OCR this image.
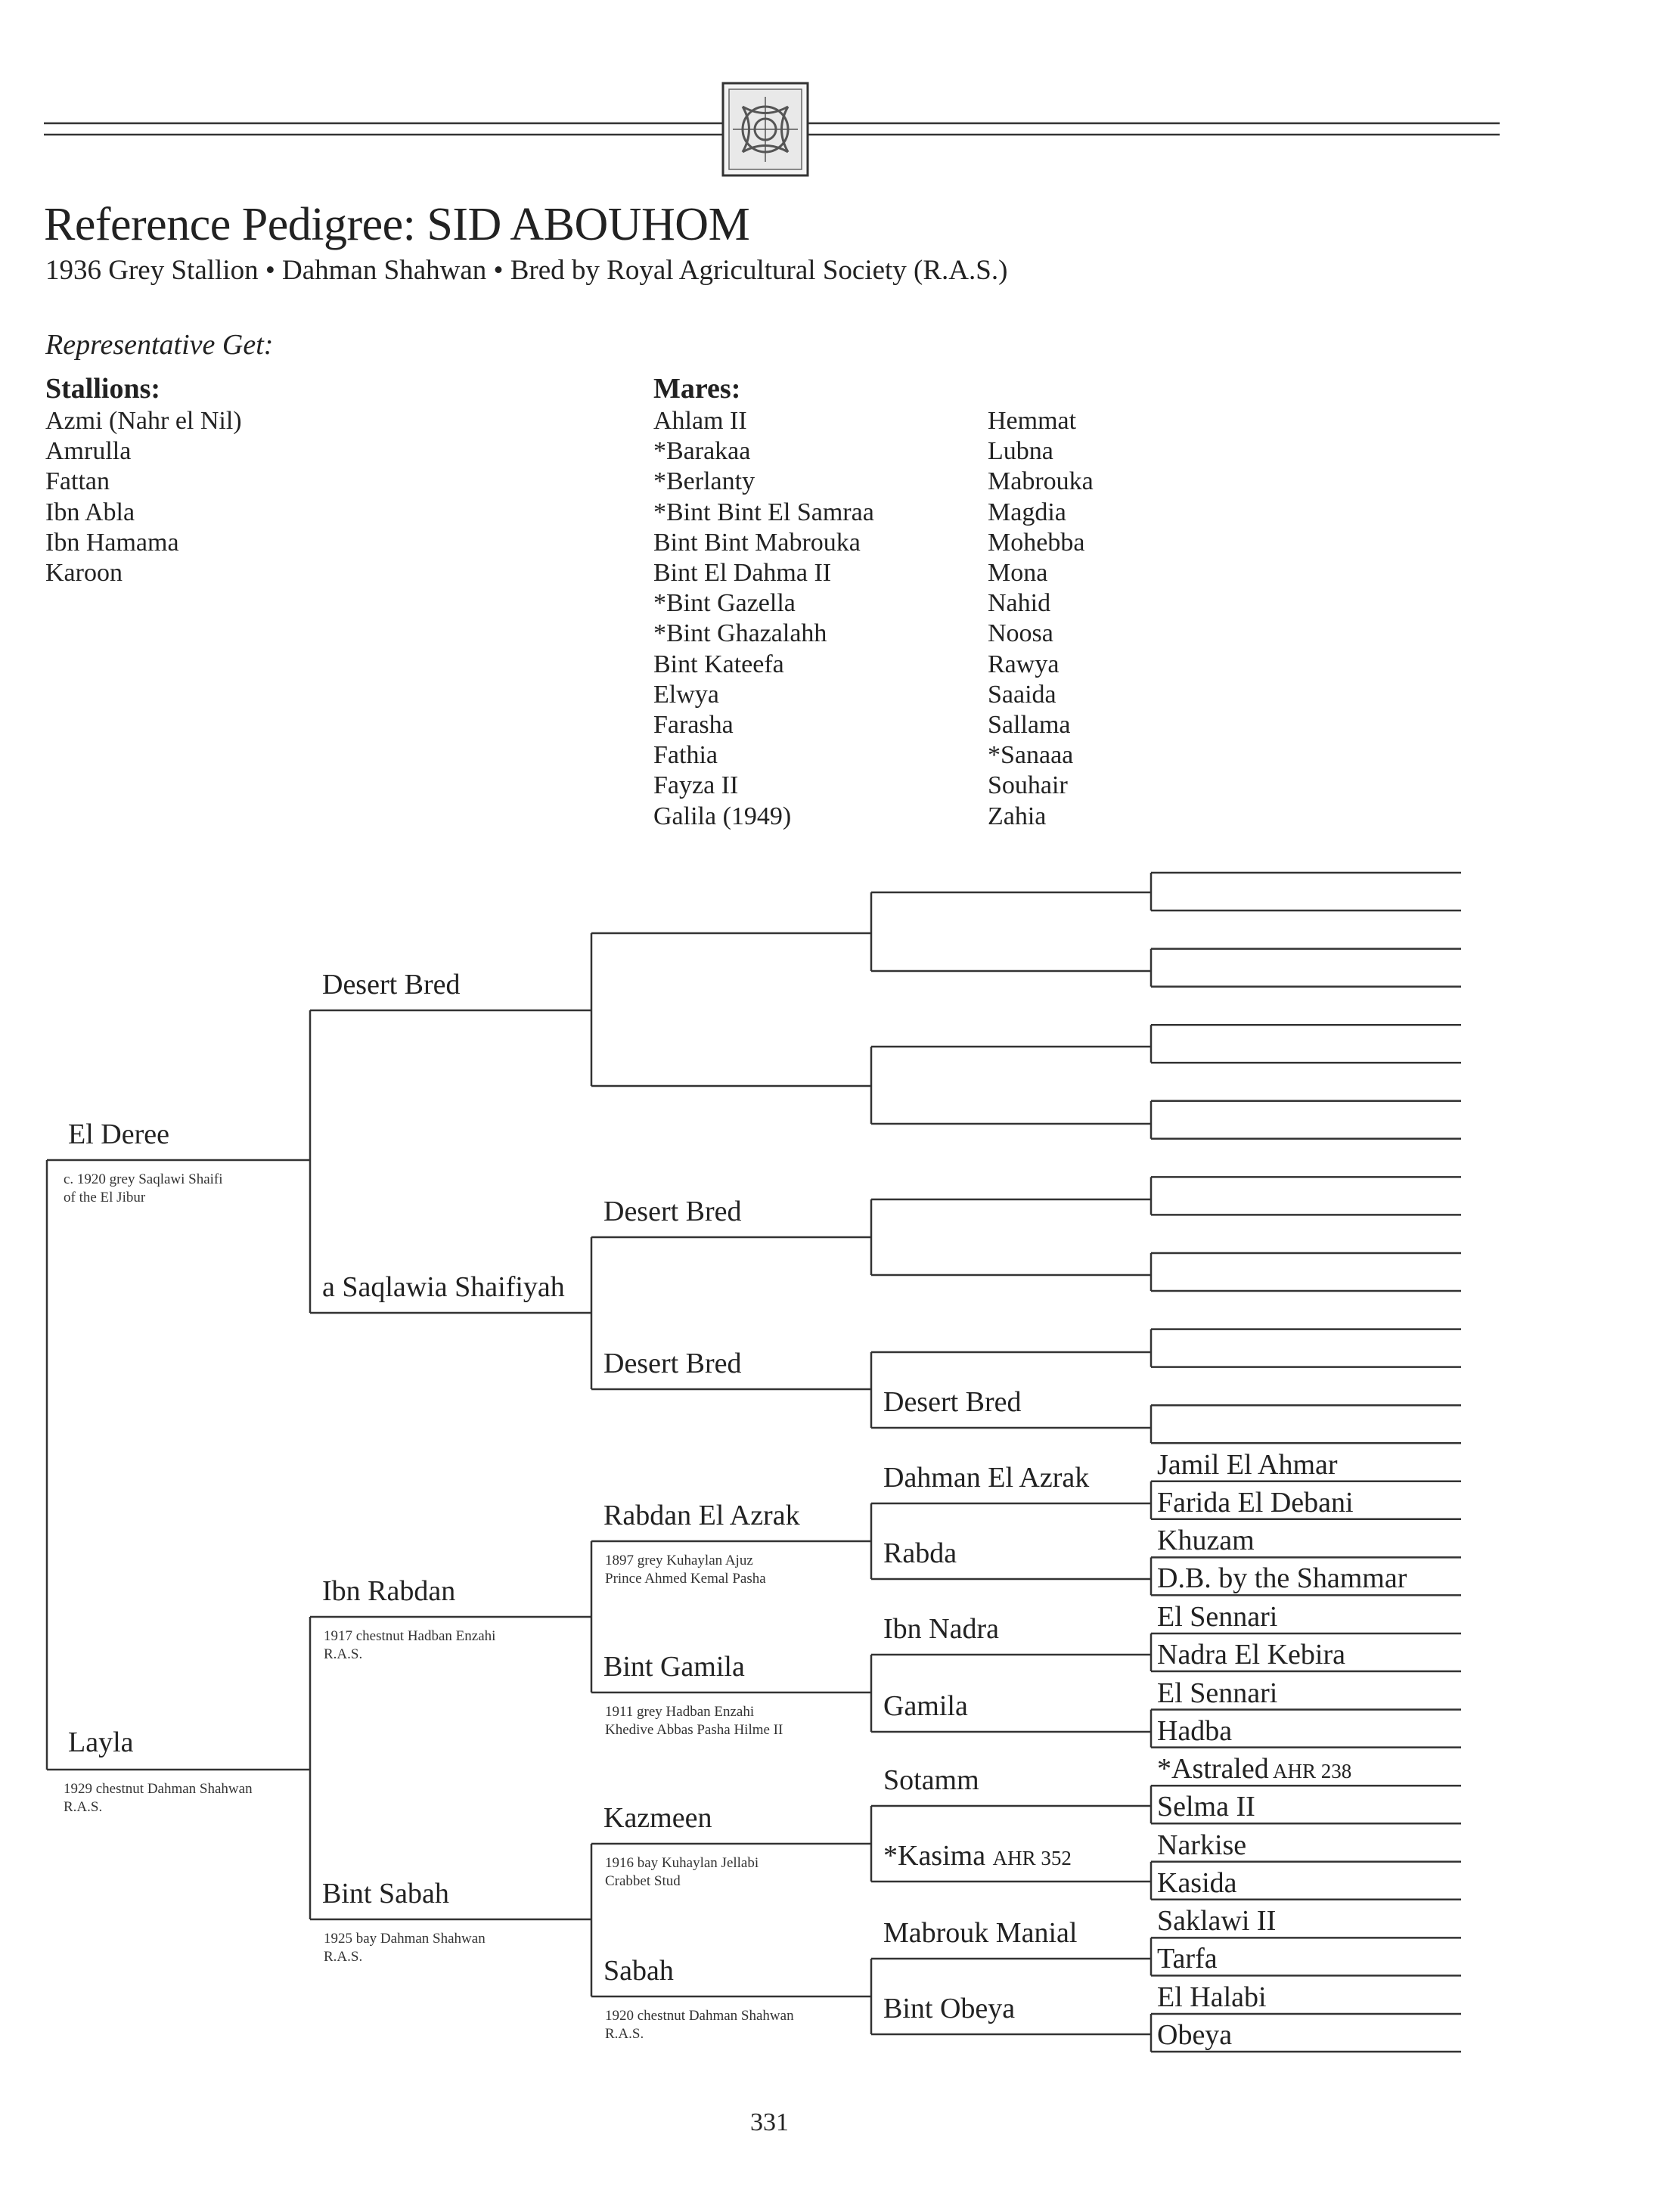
Reference Pedigree: SID ABOUHOM
1936 Grey Stallion • Dahman Shahwan • Bred by Royal Agricultural Society (R.A.S.)
Representative Get:
Stallions:
Azmi (Nahr el Nil)
Amrulla
Fattan
Ibn Abla
Ibn Hamama
Karoon
Mares:
Ahlam II
*Barakaa
*Berlanty
*Bint Bint El Samraa
Bint Bint Mabrouka
Bint El Dahma II
*Bint Gazella
*Bint Ghazalahh
Bint Kateefa
Elwya
Farasha
Fathia
Fayza II
Galila (1949)
Hemmat
Lubna
Mabrouka
Magdia
Mohebba
Mona
Nahid
Noosa
Rawya
Saaida
Sallama
*Sanaaa
Souhair
Zahia
El Deree
c. 1920 grey Saqlawi Shaifi
of the El Jibur
Layla
1929 chestnut Dahman Shahwan
R.A.S.
Desert Bred
a Saqlawia Shaifiyah
Ibn Rabdan
1917 chestnut Hadban Enzahi
R.A.S.
Bint Sabah
1925 bay Dahman Shahwan
R.A.S.
Desert Bred
Desert Bred
Rabdan El Azrak
1897 grey Kuhaylan Ajuz
Prince Ahmed Kemal Pasha
Bint Gamila
1911 grey Hadban Enzahi
Khedive Abbas Pasha Hilme II
Kazmeen
1916 bay Kuhaylan Jellabi
Crabbet Stud
Sabah
1920 chestnut Dahman Shahwan
R.A.S.
Desert Bred
Dahman El Azrak
Rabda
Ibn Nadra
Gamila
Sotamm
*Kasima AHR 352
Mabrouk Manial
Bint Obeya
Jamil El Ahmar
Farida El Debani
Khuzam
D.B. by the Shammar
El Sennari
Nadra El Kebira
El Sennari
Hadba
*Astraled AHR 238
Selma II
Narkise
Kasida
Saklawi II
Tarfa
El Halabi
Obeya
331
